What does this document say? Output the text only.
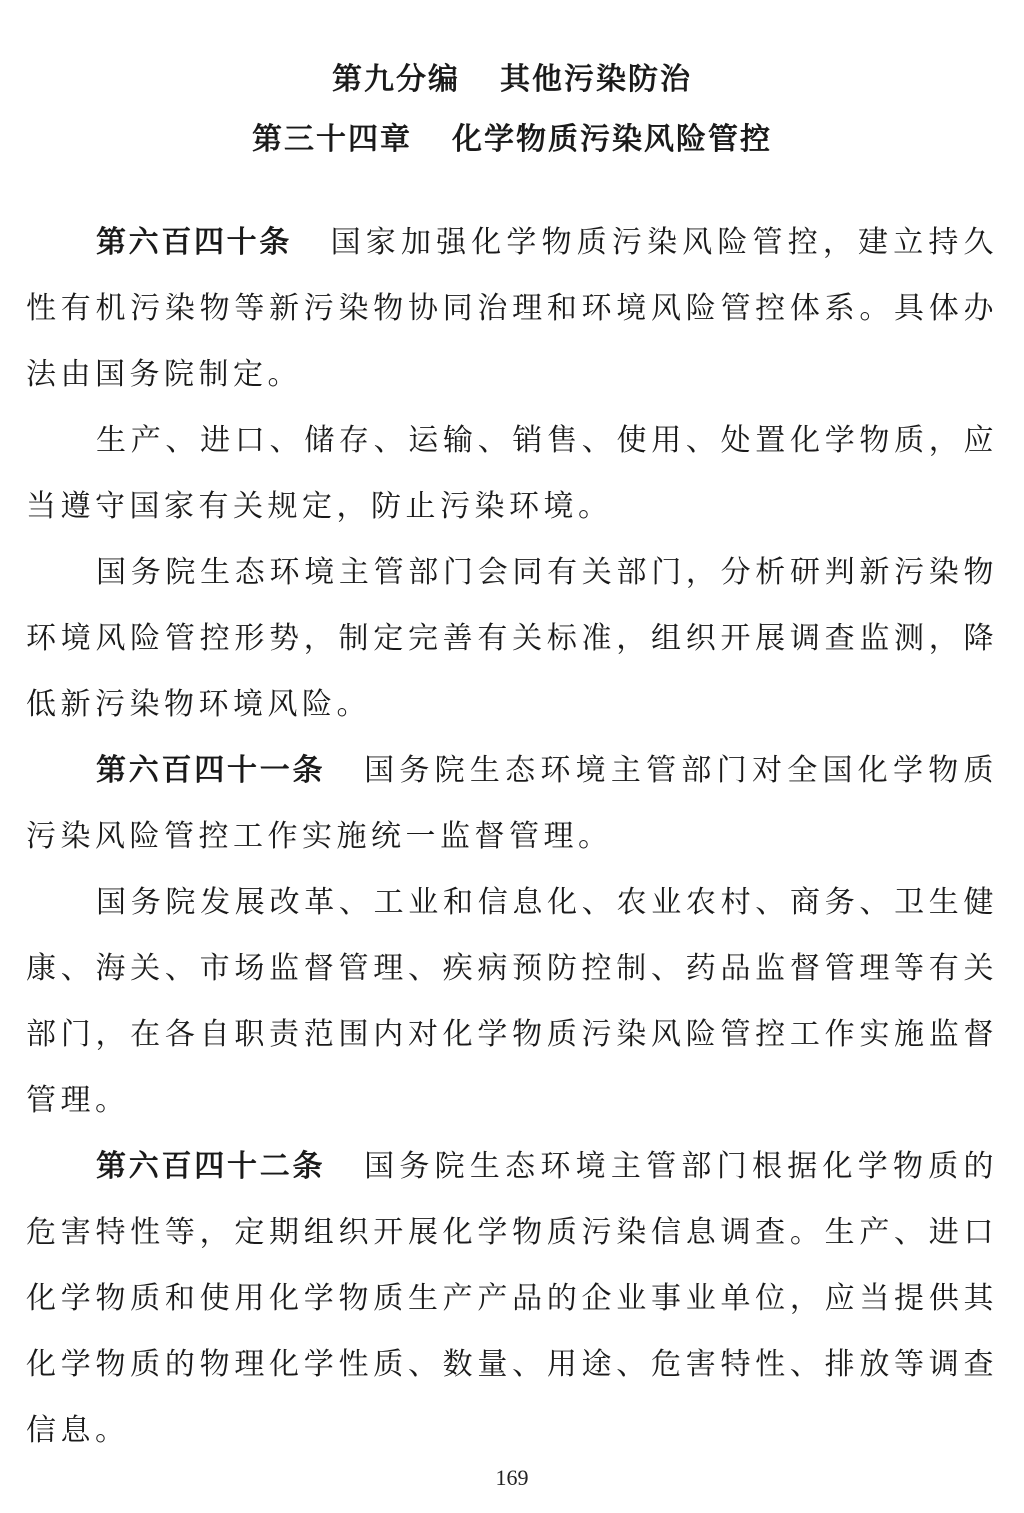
第九分编 其他污染防治
第三十四章 化学物质污染风险管控

第六百四十条 国家加强化学物质污染风险管控，建立持久性有机污染物等新污染物协同治理和环境风险管控体系。具体办法由国务院制定。

生产、进口、储存、运输、销售、使用、处置化学物质，应当遵守国家有关规定，防止污染环境。

国务院生态环境主管部门会同有关部门，分析研判新污染物环境风险管控形势，制定完善有关标准，组织开展调查监测，降低新污染物环境风险。

第六百四十一条 国务院生态环境主管部门对全国化学物质污染风险管控工作实施统一监督管理。

国务院发展改革、工业和信息化、农业农村、商务、卫生健康、海关、市场监督管理、疾病预防控制、药品监督管理等有关部门，在各自职责范围内对化学物质污染风险管控工作实施监督管理。

第六百四十二条 国务院生态环境主管部门根据化学物质的危害特性等，定期组织开展化学物质污染信息调查。生产、进口化学物质和使用化学物质生产产品的企业事业单位，应当提供其化学物质的物理化学性质、数量、用途、危害特性、排放等调查信息。

169
